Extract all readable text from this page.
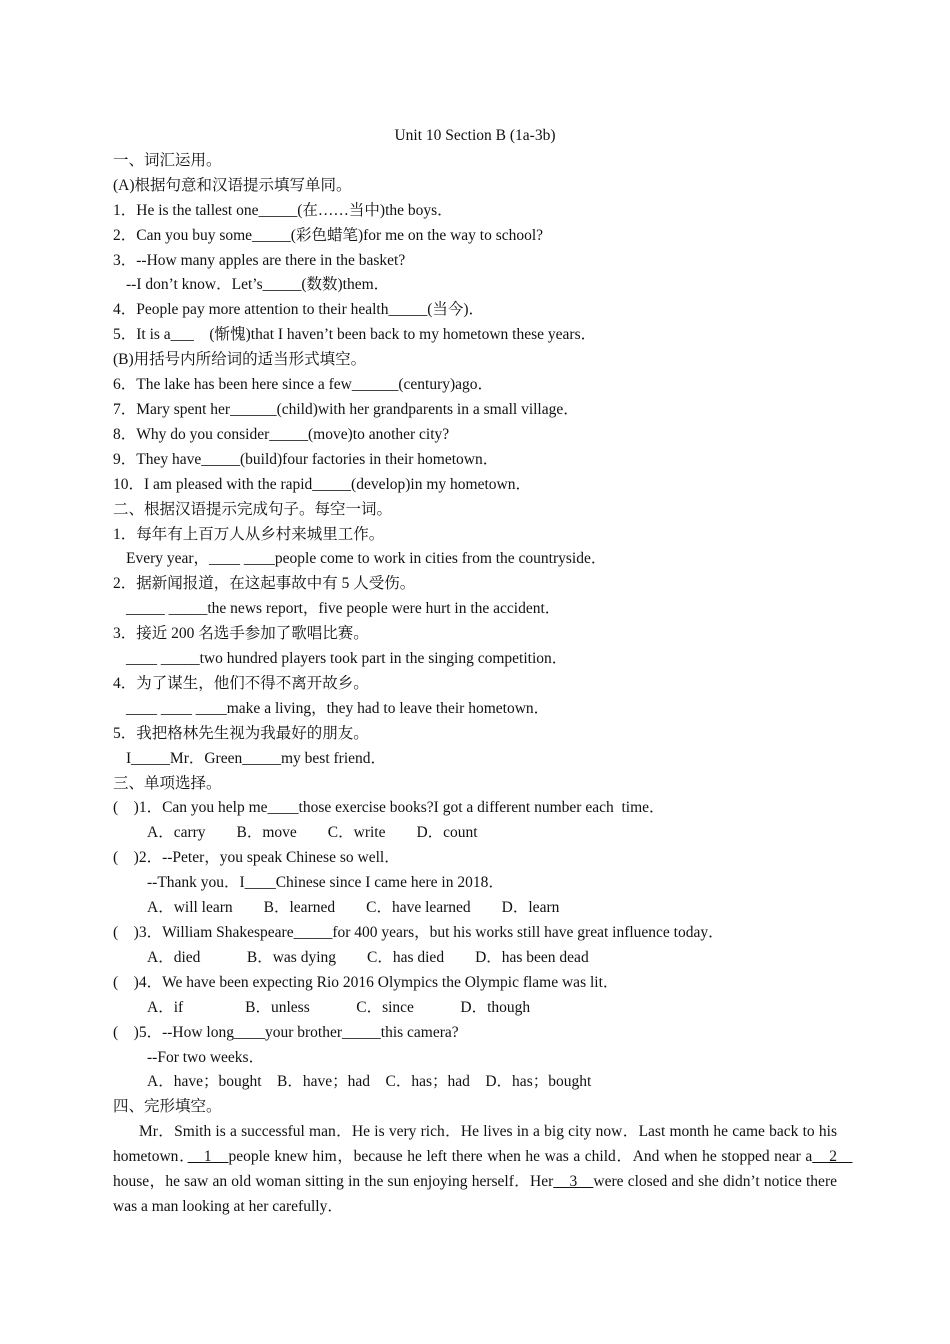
Unit 10 Section B (1a-3b)
一、词汇运用。
(A)根据句意和汉语提示填写单同。
1．He is the tallest one_____(在……当中)the boys．
2．Can you buy some_____(彩色蜡笔)for me on the way to school?
3．--How many apples are there in the basket?
--I don’t know．Let’s_____(数数)them．
4．People pay more attention to their health_____(当今)．
5．It is a___　(惭愧)that I haven’t been back to my hometown these years．
(B)用括号内所给词的适当形式填空。
6．The lake has been here since a few______(century)ago．
7．Mary spent her______(child)with her grandparents in a small village．
8．Why do you consider_____(move)to another city?
9．They have_____(build)four factories in their hometown．
10．I am pleased with the rapid_____(develop)in my hometown．
二、根据汉语提示完成句子。每空一词。
1．每年有上百万人从乡村来城里工作。
Every year，____ ____people come to work in cities from the countryside．
2．据新闻报道，在这起事故中有 5 人受伤。
_____ _____the news report，five people were hurt in the accident．
3．接近 200 名选手参加了歌唱比赛。
____ _____two hundred players took part in the singing competition．
4．为了谋生，他们不得不离开故乡。
____ ____ ____make a living，they had to leave their hometown．
5．我把格林先生视为我最好的朋友。
I_____Mr．Green_____my best friend．
三、单项选择。
(　)1．Can you help me____those exercise books?I got a different number each  time．
A．carry　　B．move　　C．write　　D．count
(　)2．--Peter，you speak Chinese so well．
--Thank you．I____Chinese since I came here in 2018．
A．will learn　　B．learned　　C．have learned　　D．learn
(　)3．William Shakespeare_____for 400 years，but his works still have great influence today．
A．died　　　B．was dying　　C．has died　　D．has been dead
(　)4．We have been expecting Rio 2016 Olympics the Olympic flame was lit．
A．if　　　　B．unless　　　C．since　　　D．though
(　)5．--How long____your brother_____this camera?
--For two weeks．
A．have；bought　B．have；had　C．has；had　D．has；bought
四、完形填空。
Mr．Smith is a successful man．He is very rich．He lives in a big city now．Last month he came back to his hometown．　1　people knew him，because he left there when he was a child．And when he stopped near a　2　house，he saw an old woman sitting in the sun enjoying herself．Her　3　were closed and she didn’t notice there was a man looking at her carefully．
